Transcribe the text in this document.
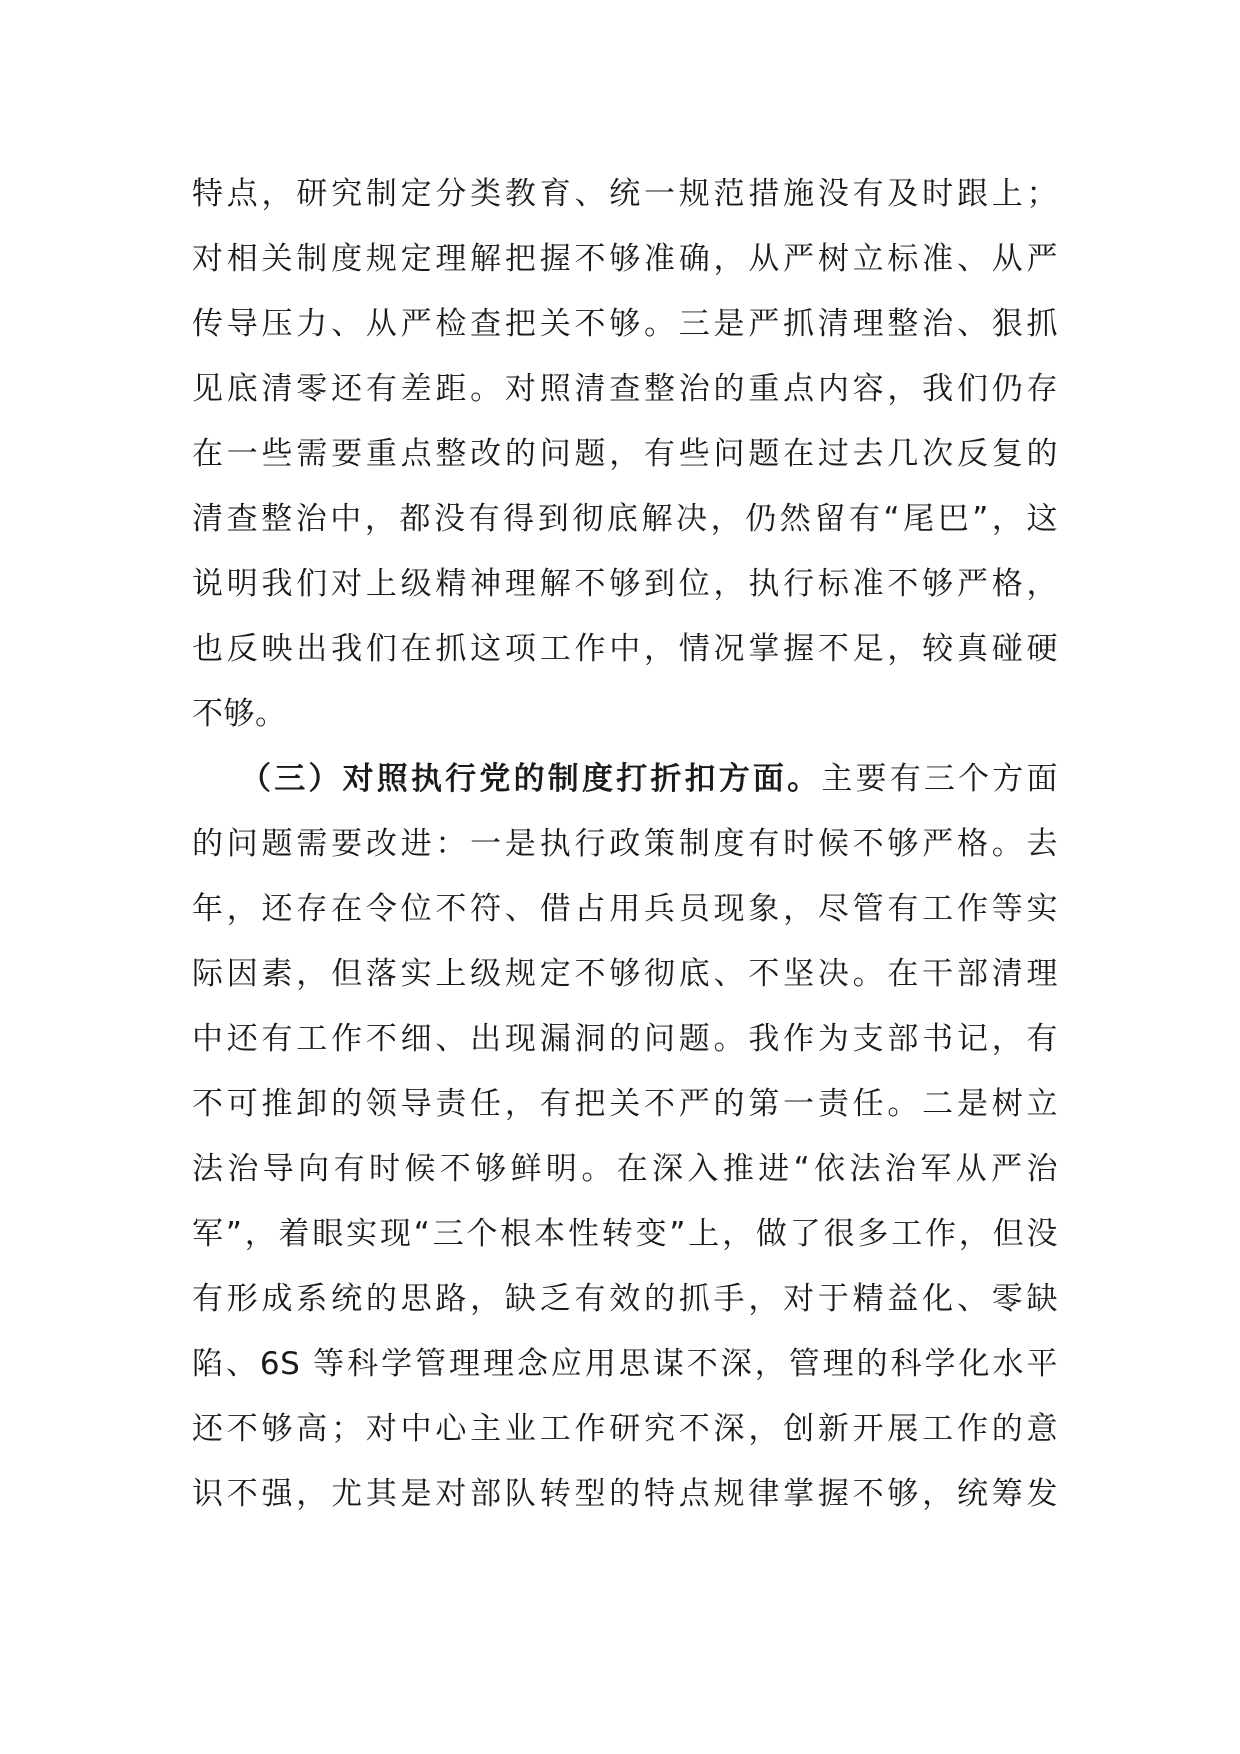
特点，研究制定分类教育、统一规范措施没有及时跟上；
对相关制度规定理解把握不够准确，从严树立标准、从严
传导压力、从严检查把关不够。三是严抓清理整治、狠抓
见底清零还有差距。对照清查整治的重点内容，我们仍存
在一些需要重点整改的问题，有些问题在过去几次反复的
清查整治中，都没有得到彻底解决，仍然留有“尾巴”，这
说明我们对上级精神理解不够到位，执行标准不够严格，
也反映出我们在抓这项工作中，情况掌握不足，较真碰硬
不够。
（三）对照执行党的制度打折扣方面。主要有三个方面
的问题需要改进：一是执行政策制度有时候不够严格。去
年，还存在令位不符、借占用兵员现象，尽管有工作等实
际因素，但落实上级规定不够彻底、不坚决。在干部清理
中还有工作不细、出现漏洞的问题。我作为支部书记，有
不可推卸的领导责任，有把关不严的第一责任。二是树立
法治导向有时候不够鲜明。在深入推进“依法治军从严治
军”，着眼实现“三个根本性转变”上，做了很多工作，但没
有形成系统的思路，缺乏有效的抓手，对于精益化、零缺
陷、6S 等科学管理理念应用思谋不深，管理的科学化水平
还不够高；对中心主业工作研究不深，创新开展工作的意
识不强，尤其是对部队转型的特点规律掌握不够，统筹发
